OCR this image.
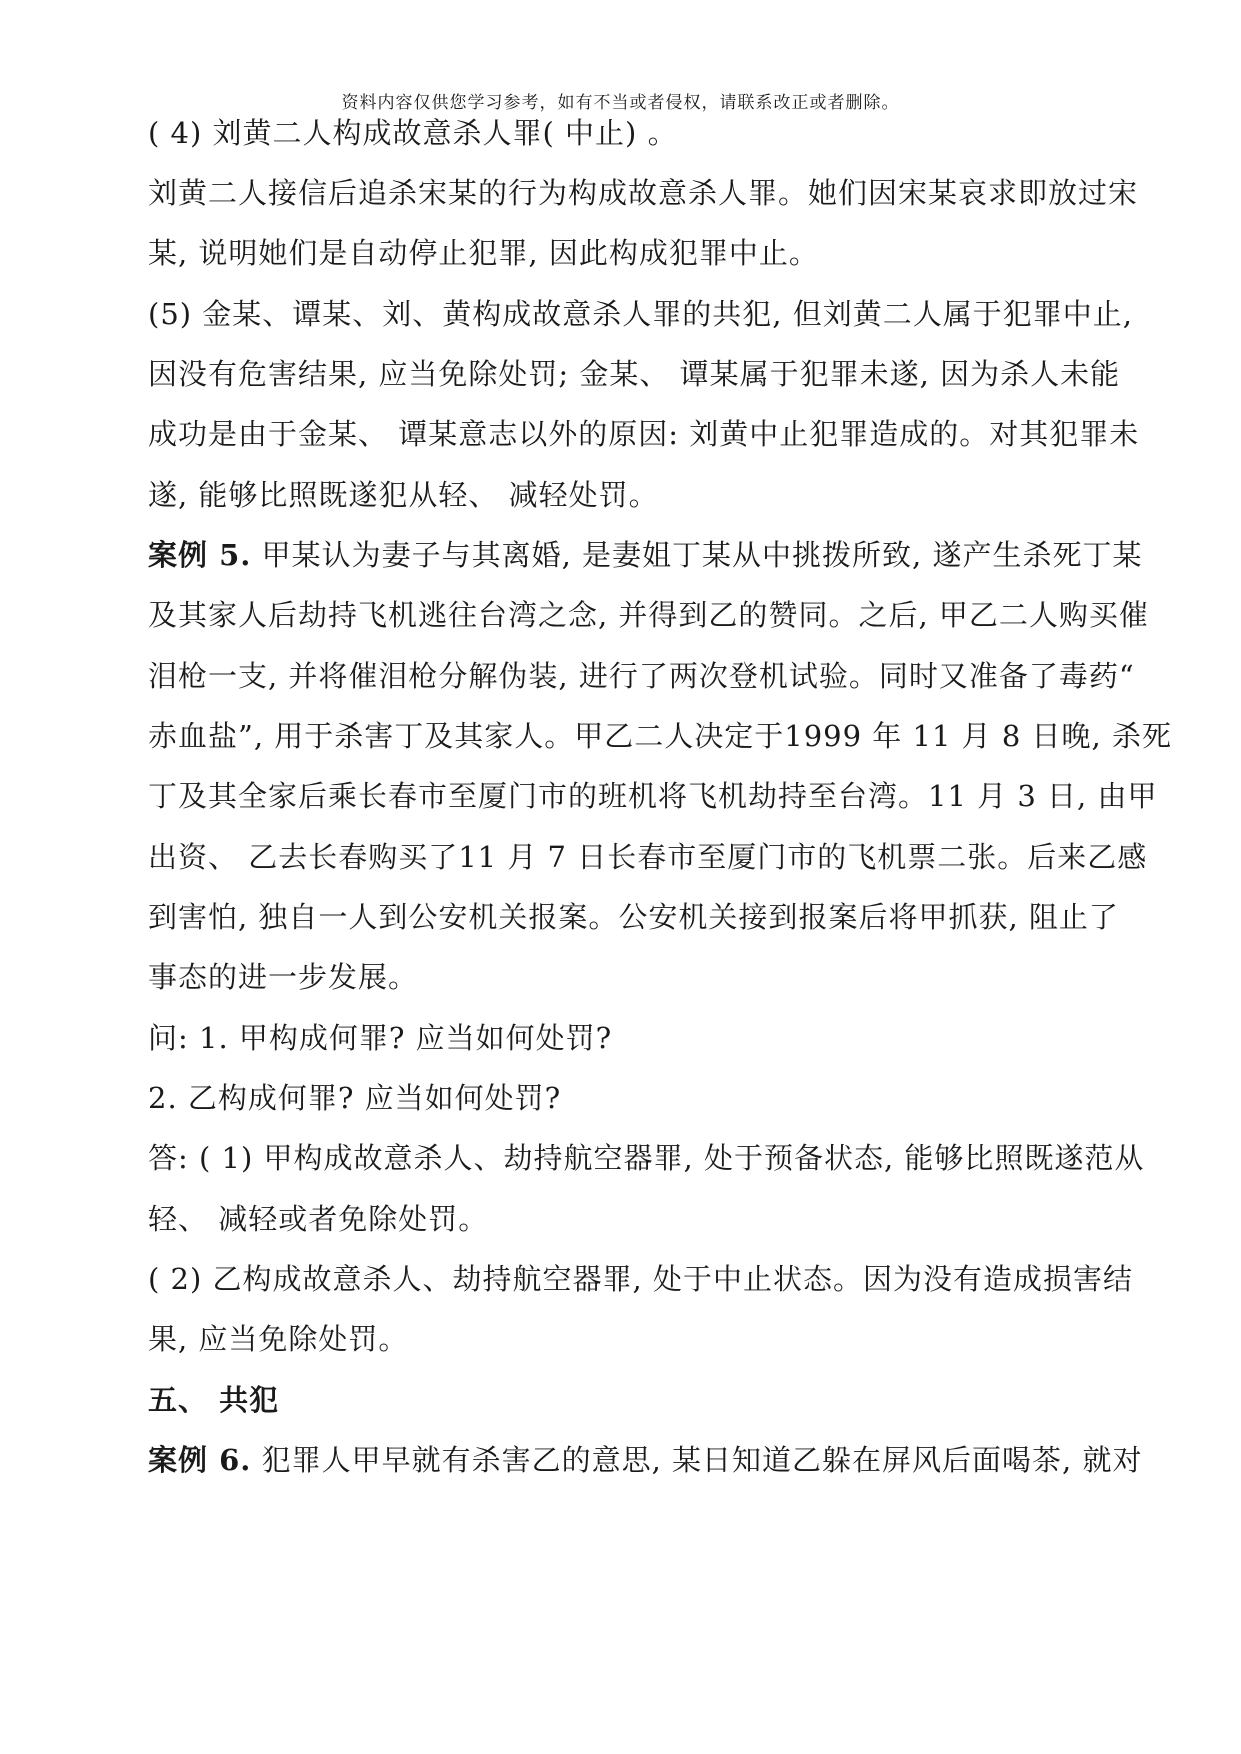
资料内容仅供您学习参考，如有不当或者侵权，请联系改正或者删除。
( 4) 刘黄二人构成故意杀人罪( 中止) 。
刘黄二人接信后追杀宋某的行为构成故意杀人罪。她们因宋某哀求即放过宋
某, 说明她们是自动停止犯罪, 因此构成犯罪中止。
(5) 金某、谭某、刘、黄构成故意杀人罪的共犯, 但刘黄二人属于犯罪中止,
因没有危害结果, 应当免除处罚; 金某、 谭某属于犯罪未遂, 因为杀人未能
成功是由于金某、 谭某意志以外的原因: 刘黄中止犯罪造成的。对其犯罪未
遂, 能够比照既遂犯从轻、 减轻处罚。
案例 5. 甲某认为妻子与其离婚, 是妻姐丁某从中挑拨所致, 遂产生杀死丁某
及其家人后劫持飞机逃往台湾之念, 并得到乙的赞同。之后, 甲乙二人购买催
泪枪一支, 并将催泪枪分解伪装, 进行了两次登机试验。同时又准备了毒药“
赤血盐”, 用于杀害丁及其家人。甲乙二人决定于1999 年 11 月 8 日晚, 杀死
丁及其全家后乘长春市至厦门市的班机将飞机劫持至台湾。11 月 3 日, 由甲
出资、 乙去长春购买了11 月 7 日长春市至厦门市的飞机票二张。后来乙感
到害怕, 独自一人到公安机关报案。公安机关接到报案后将甲抓获, 阻止了
事态的进一步发展。
问: 1. 甲构成何罪? 应当如何处罚?
2. 乙构成何罪? 应当如何处罚?
答: ( 1) 甲构成故意杀人、劫持航空器罪, 处于预备状态, 能够比照既遂范从
轻、 减轻或者免除处罚。
( 2) 乙构成故意杀人、劫持航空器罪, 处于中止状态。因为没有造成损害结
果, 应当免除处罚。
五、 共犯
案例 6. 犯罪人甲早就有杀害乙的意思, 某日知道乙躲在屏风后面喝茶, 就对
